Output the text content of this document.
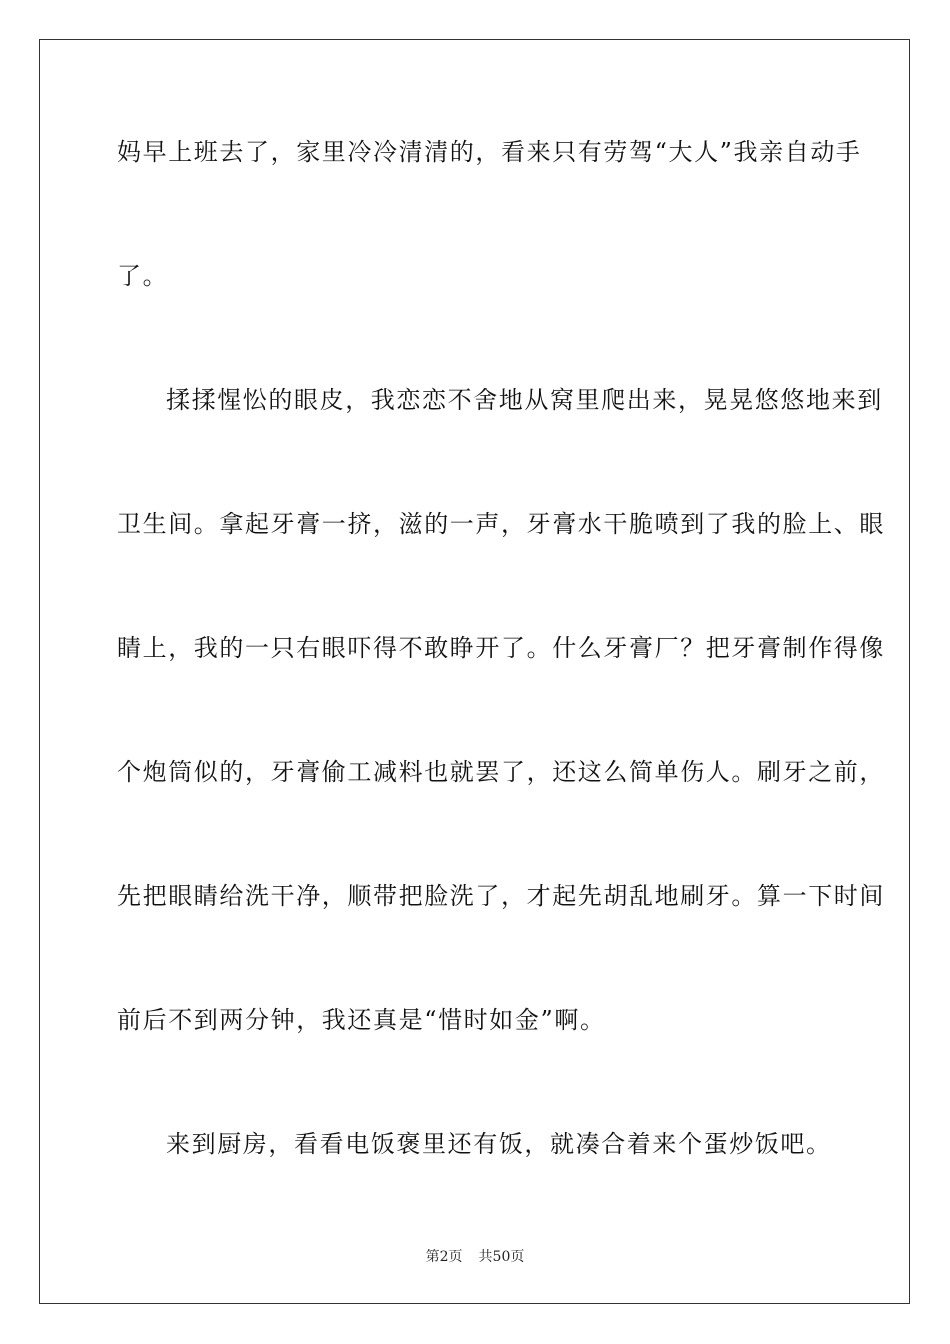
妈早上班去了，家里冷冷清清的，看来只有劳驾“大人”我亲自动手

了。

揉揉惺忪的眼皮，我恋恋不舍地从窝里爬出来，晃晃悠悠地来到

卫生间。拿起牙膏一挤，滋的一声，牙膏水干脆喷到了我的脸上、眼

睛上，我的一只右眼吓得不敢睁开了。什么牙膏厂？把牙膏制作得像

个炮筒似的，牙膏偷工减料也就罢了，还这么简单伤人。刷牙之前，

先把眼睛给洗干净，顺带把脸洗了，才起先胡乱地刷牙。算一下时间

前后不到两分钟，我还真是“惜时如金”啊。

来到厨房，看看电饭褒里还有饭，就凑合着来个蛋炒饭吧。

第2页 共50页
